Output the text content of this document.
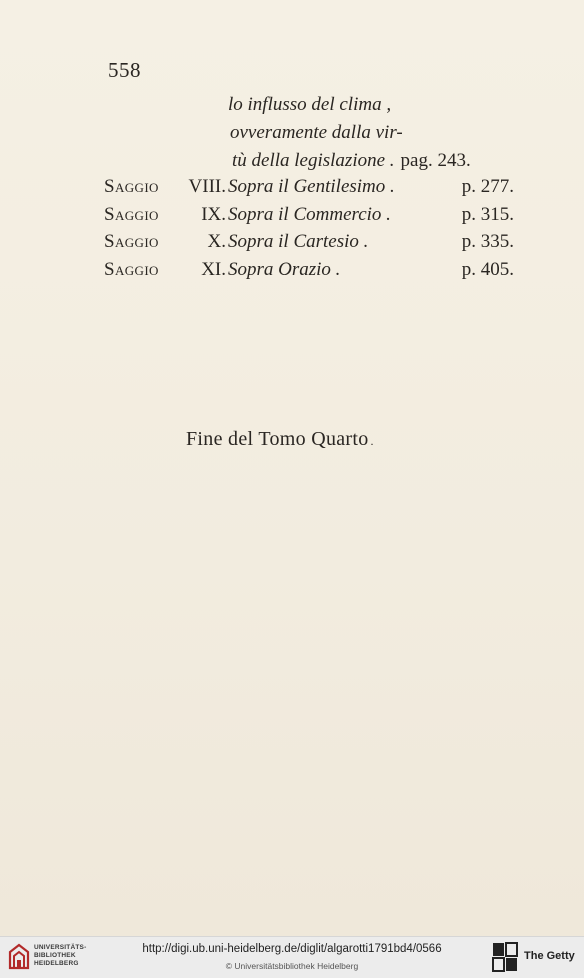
558
lo influsso del clima ,
ovveramente dalla vir-
tù della legislazione . pag. 243.
Saggio	VIII. Sopra il Gentilesimo .	p. 277.
Saggio	IX. Sopra il Commercio .	p. 315.
Saggio	X. Sopra il Cartesio .	p. 335.
Saggio	XI. Sopra Orazio .	p. 405.
Fine del Tomo Quarto .
UNIVERSITÄTS-
BIBLIOTHEK
HEIDELBERG
http://digi.ub.uni-heidelberg.de/diglit/algarotti1791bd4/0566
© Universitätsbibliothek Heidelberg
The Getty
